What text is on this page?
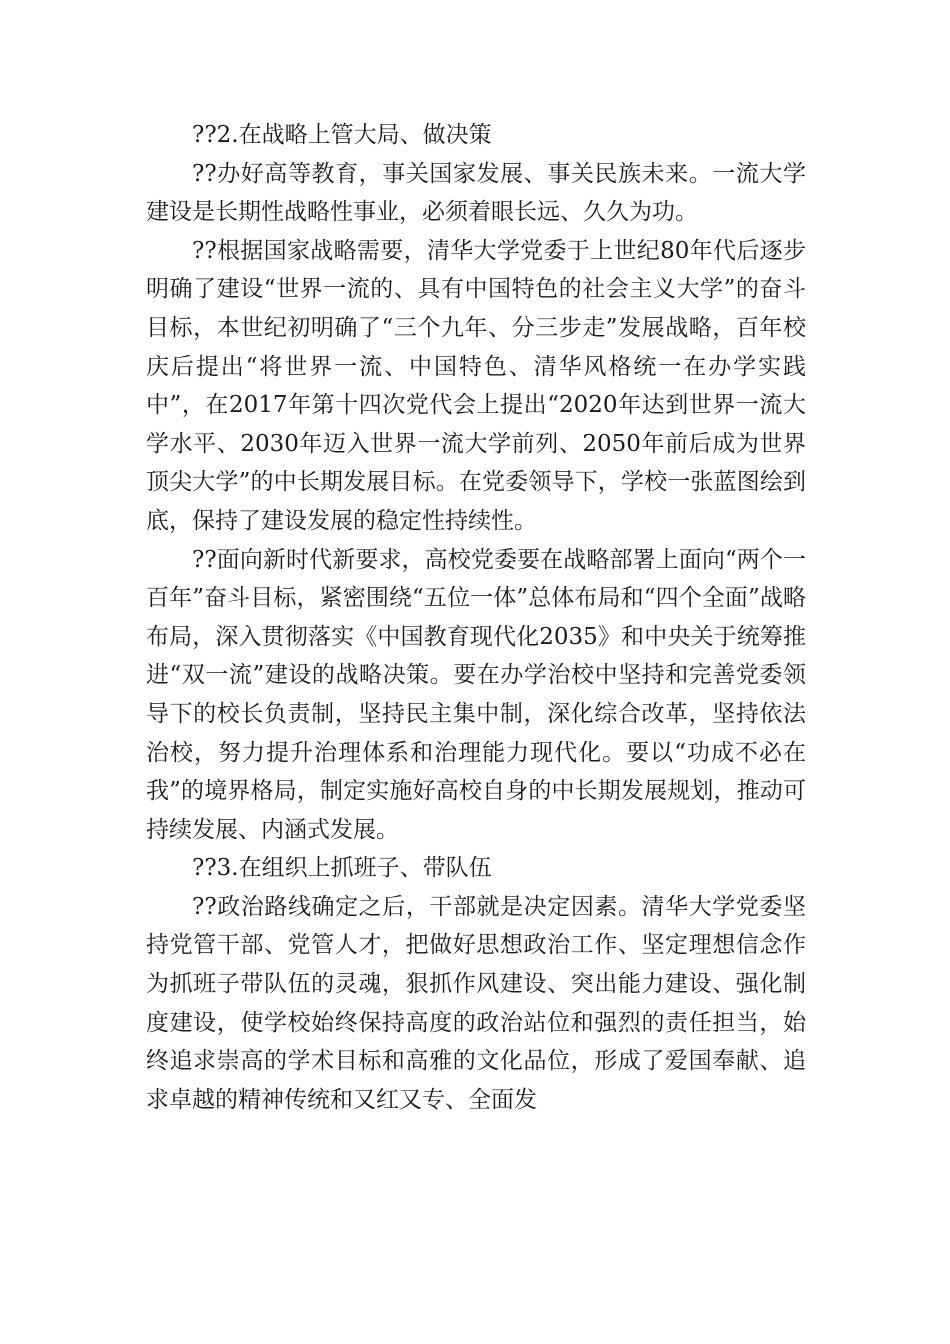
??2.在战略上管大局、做决策

??办好高等教育，事关国家发展、事关民族未来。一流大学建设是长期性战略性事业，必须着眼长远、久久为功。

??根据国家战略需要，清华大学党委于上世纪80年代后逐步明确了建设“世界一流的、具有中国特色的社会主义大学”的奋斗目标，本世纪初明确了“三个九年、分三步走”发展战略，百年校庆后提出“将世界一流、中国特色、清华风格统一在办学实践中”，在2017年第十四次党代会上提出“2020年达到世界一流大学水平、2030年迈入世界一流大学前列、2050年前后成为世界顶尖大学”的中长期发展目标。在党委领导下，学校一张蓝图绘到底，保持了建设发展的稳定性持续性。

??面向新时代新要求，高校党委要在战略部署上面向“两个一百年”奋斗目标，紧密围绕“五位一体”总体布局和“四个全面”战略布局，深入贯彻落实《中国教育现代化2035》和中央关于统筹推进“双一流”建设的战略决策。要在办学治校中坚持和完善党委领导下的校长负责制，坚持民主集中制，深化综合改革，坚持依法治校，努力提升治理体系和治理能力现代化。要以“功成不必在我”的境界格局，制定实施好高校自身的中长期发展规划，推动可持续发展、内涵式发展。

??3.在组织上抓班子、带队伍

??政治路线确定之后，干部就是决定因素。清华大学党委坚持党管干部、党管人才，把做好思想政治工作、坚定理想信念作为抓班子带队伍的灵魂，狠抓作风建设、突出能力建设、强化制度建设，使学校始终保持高度的政治站位和强烈的责任担当，始终追求崇高的学术目标和高雅的文化品位，形成了爱国奉献、追求卓越的精神传统和又红又专、全面发
